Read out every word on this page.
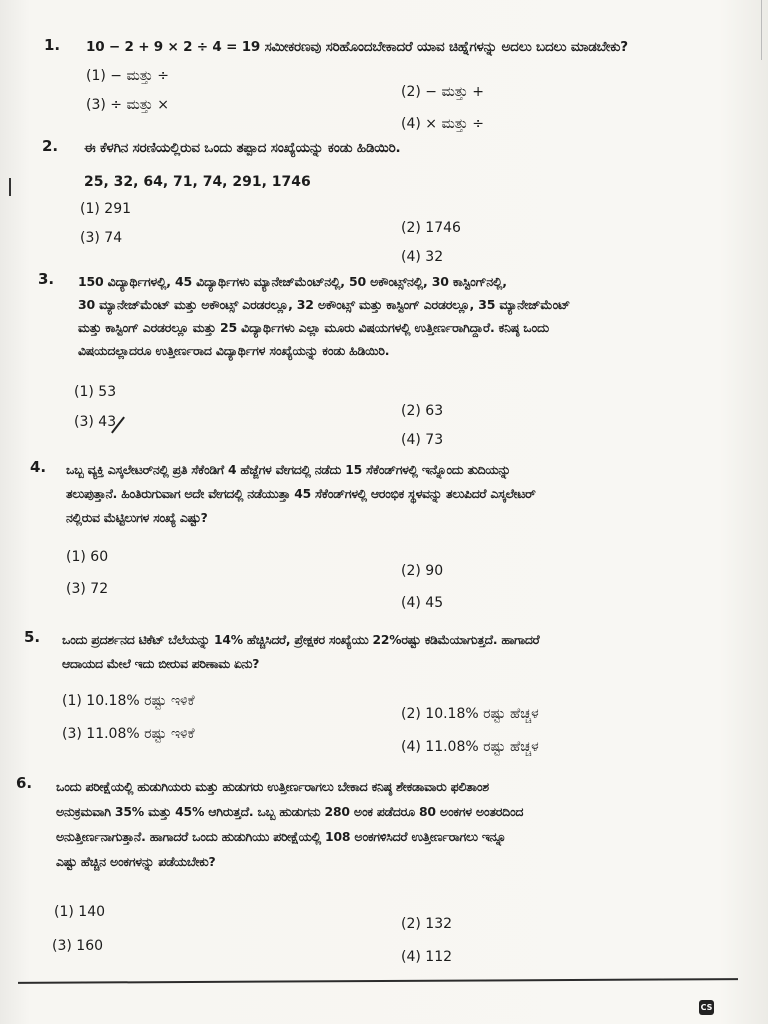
1. 10 − 2 + 9 × 2 ÷ 4 = 19 ಸಮೀಕರಣವು ಸರಿಹೊಂದಬೇಕಾದರೆ ಯಾವ ಚಿಹ್ನೆಗಳನ್ನು ಅದಲು ಬದಲು ಮಾಡಬೇಕು?
(1) − ಮತ್ತು ÷
(2) − ಮತ್ತು +
(3) ÷ ಮತ್ತು ×
(4) × ಮತ್ತು ÷
2. ಈ ಕೆಳಗಿನ ಸರಣಿಯಲ್ಲಿರುವ ಒಂದು ತಪ್ಪಾದ ಸಂಖ್ಯೆಯನ್ನು ಕಂಡು ಹಿಡಿಯಿರಿ.
25, 32, 64, 71, 74, 291, 1746
(1) 291
(2) 1746
(3) 74
(4) 32
3. 150 ವಿದ್ಯಾರ್ಥಿಗಳಲ್ಲಿ, 45 ವಿದ್ಯಾರ್ಥಿಗಳು ಮ್ಯಾನೇಜ್‌ಮೆಂಟ್‌ನಲ್ಲಿ, 50 ಅಕೌಂಟ್ಸ್‌ನಲ್ಲಿ, 30 ಕಾಸ್ಟಿಂಗ್‌ನಲ್ಲಿ,
30 ಮ್ಯಾನೇಜ್‌ಮೆಂಟ್ ಮತ್ತು ಅಕೌಂಟ್ಸ್ ಎರಡರಲ್ಲೂ, 32 ಅಕೌಂಟ್ಸ್ ಮತ್ತು ಕಾಸ್ಟಿಂಗ್ ಎರಡರಲ್ಲೂ, 35 ಮ್ಯಾನೇಜ್‌ಮೆಂಟ್
ಮತ್ತು ಕಾಸ್ಟಿಂಗ್ ಎರಡರಲ್ಲೂ ಮತ್ತು 25 ವಿದ್ಯಾರ್ಥಿಗಳು ಎಲ್ಲಾ ಮೂರು ವಿಷಯಗಳಲ್ಲಿ ಉತ್ತೀರ್ಣರಾಗಿದ್ದಾರೆ. ಕನಿಷ್ಠ ಒಂದು
ವಿಷಯದಲ್ಲಾದರೂ ಉತ್ತೀರ್ಣರಾದ ವಿದ್ಯಾರ್ಥಿಗಳ ಸಂಖ್ಯೆಯನ್ನು ಕಂಡು ಹಿಡಿಯಿರಿ.
(1) 53
(2) 63
(3) 43
(4) 73
4. ಒಬ್ಬ ವ್ಯಕ್ತಿ ಎಸ್ಕಲೇಟರ್‌ನಲ್ಲಿ ಪ್ರತಿ ಸೆಕೆಂಡಿಗೆ 4 ಹೆಜ್ಜೆಗಳ ವೇಗದಲ್ಲಿ ನಡೆದು 15 ಸೆಕೆಂಡ್‌ಗಳಲ್ಲಿ ಇನ್ನೊಂದು ತುದಿಯನ್ನು
ತಲುಪುತ್ತಾನೆ. ಹಿಂತಿರುಗುವಾಗ ಅದೇ ವೇಗದಲ್ಲಿ ನಡೆಯುತ್ತಾ 45 ಸೆಕೆಂಡ್‌ಗಳಲ್ಲಿ ಆರಂಭಿಕ ಸ್ಥಳವನ್ನು ತಲುಪಿದರೆ ಎಸ್ಕಲೇಟರ್
ನಲ್ಲಿರುವ ಮೆಟ್ಟಿಲುಗಳ ಸಂಖ್ಯೆ ಎಷ್ಟು?
(1) 60
(2) 90
(3) 72
(4) 45
5. ಒಂದು ಪ್ರದರ್ಶನದ ಟಿಕೆಟ್ ಬೆಲೆಯನ್ನು 14% ಹೆಚ್ಚಿಸಿದರೆ, ಪ್ರೇಕ್ಷಕರ ಸಂಖ್ಯೆಯು 22%ರಷ್ಟು ಕಡಿಮೆಯಾಗುತ್ತದೆ. ಹಾಗಾದರೆ
ಆದಾಯದ ಮೇಲೆ ಇದು ಬೀರುವ ಪರಿಣಾಮ ಏನು?
(1) 10.18% ರಷ್ಟು ಇಳಿಕೆ
(2) 10.18% ರಷ್ಟು ಹೆಚ್ಚಳ
(3) 11.08% ರಷ್ಟು ಇಳಿಕೆ
(4) 11.08% ರಷ್ಟು ಹೆಚ್ಚಳ
6. ಒಂದು ಪರೀಕ್ಷೆಯಲ್ಲಿ ಹುಡುಗಿಯರು ಮತ್ತು ಹುಡುಗರು ಉತ್ತೀರ್ಣರಾಗಲು ಬೇಕಾದ ಕನಿಷ್ಠ ಶೇಕಡಾವಾರು ಫಲಿತಾಂಶ
ಅನುಕ್ರಮವಾಗಿ 35% ಮತ್ತು 45% ಆಗಿರುತ್ತದೆ. ಒಬ್ಬ ಹುಡುಗನು 280 ಅಂಕ ಪಡೆದರೂ 80 ಅಂಕಗಳ ಅಂತರದಿಂದ
ಅನುತ್ತೀರ್ಣನಾಗುತ್ತಾನೆ. ಹಾಗಾದರೆ ಒಂದು ಹುಡುಗಿಯು ಪರೀಕ್ಷೆಯಲ್ಲಿ 108 ಅಂಕಗಳಿಸಿದರೆ ಉತ್ತೀರ್ಣರಾಗಲು ಇನ್ನೂ
ಎಷ್ಟು ಹೆಚ್ಚಿನ ಅಂಕಗಳನ್ನು ಪಡೆಯಬೇಕು?
(1) 140
(2) 132
(3) 160
(4) 112
CS
